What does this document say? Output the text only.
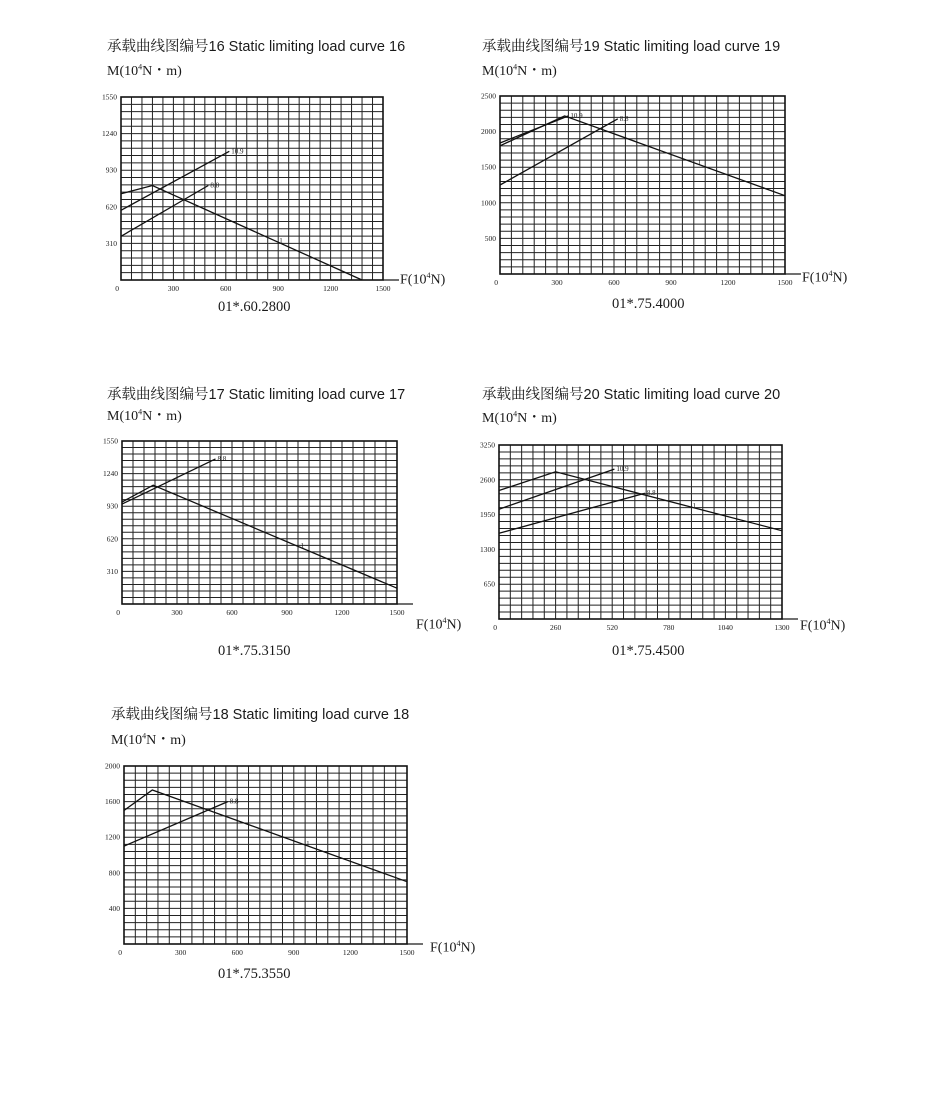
承载曲线图编号16 Static limiting load curve 16
$M(10^4N$・m)
310
620
930
1240
1550
0	300	600	900	1200	1500
1
8.8
10.9
$F(10^4N)$
01*.60.2800
承载曲线图编号19 Static limiting load curve 19
$M(10^4N$・m)
500
1000
1500
2000
2500
0	300	600	900	1200	1500
1
8.8
10.9
$F(10^4N)$
01*.75.4000
承载曲线图编号17 Static limiting load curve 17
$M(10^4N$・m)
310
620
930
1240
1550
0	300	600	900	1200	1500
1
8.8
$F(10^4N)$
01*.75.3150
承载曲线图编号20 Static limiting load curve 20
$M(10^4N$・m)
650
1300
1950
2600
3250
0	260	520	780	1040	1300
1
8.8
10.9
$F(10^4N)$
01*.75.4500
承载曲线图编号18 Static limiting load curve 18
$M(10^4N$・m)
400
800
1200
1600
2000
0	300	600	900	1200	1500
1
8.8
$F(10^4N)$
01*.75.3550
